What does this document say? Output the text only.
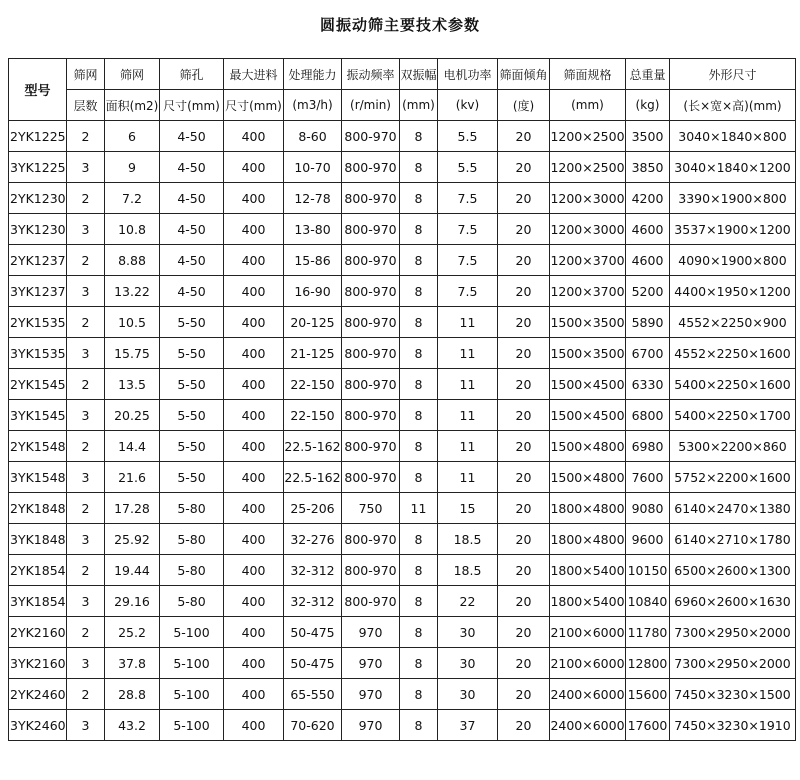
圆振动筛主要技术参数
型号	筛网	筛网	筛孔	最大进料	处理能力	振动频率	双振幅	电机功率	筛面倾角	筛面规格	总重量	外形尺寸
	层数	面积(m2)	尺寸(mm)	尺寸(mm)	(m3/h)	(r/min)	(mm)	(kv)	(度)	(mm)	(kg)	(长×宽×高)(mm)
2YK1225	2	6	4-50	400	8-60	800-970	8	5.5	20	1200×2500	3500	3040×1840×800
3YK1225	3	9	4-50	400	10-70	800-970	8	5.5	20	1200×2500	3850	3040×1840×1200
2YK1230	2	7.2	4-50	400	12-78	800-970	8	7.5	20	1200×3000	4200	3390×1900×800
3YK1230	3	10.8	4-50	400	13-80	800-970	8	7.5	20	1200×3000	4600	3537×1900×1200
2YK1237	2	8.88	4-50	400	15-86	800-970	8	7.5	20	1200×3700	4600	4090×1900×800
3YK1237	3	13.22	4-50	400	16-90	800-970	8	7.5	20	1200×3700	5200	4400×1950×1200
2YK1535	2	10.5	5-50	400	20-125	800-970	8	11	20	1500×3500	5890	4552×2250×900
3YK1535	3	15.75	5-50	400	21-125	800-970	8	11	20	1500×3500	6700	4552×2250×1600
2YK1545	2	13.5	5-50	400	22-150	800-970	8	11	20	1500×4500	6330	5400×2250×1600
3YK1545	3	20.25	5-50	400	22-150	800-970	8	11	20	1500×4500	6800	5400×2250×1700
2YK1548	2	14.4	5-50	400	22.5-162	800-970	8	11	20	1500×4800	6980	5300×2200×860
3YK1548	3	21.6	5-50	400	22.5-162	800-970	8	11	20	1500×4800	7600	5752×2200×1600
2YK1848	2	17.28	5-80	400	25-206	750	11	15	20	1800×4800	9080	6140×2470×1380
3YK1848	3	25.92	5-80	400	32-276	800-970	8	18.5	20	1800×4800	9600	6140×2710×1780
2YK1854	2	19.44	5-80	400	32-312	800-970	8	18.5	20	1800×5400	10150	6500×2600×1300
3YK1854	3	29.16	5-80	400	32-312	800-970	8	22	20	1800×5400	10840	6960×2600×1630
2YK2160	2	25.2	5-100	400	50-475	970	8	30	20	2100×6000	11780	7300×2950×2000
3YK2160	3	37.8	5-100	400	50-475	970	8	30	20	2100×6000	12800	7300×2950×2000
2YK2460	2	28.8	5-100	400	65-550	970	8	30	20	2400×6000	15600	7450×3230×1500
3YK2460	3	43.2	5-100	400	70-620	970	8	37	20	2400×6000	17600	7450×3230×1910
